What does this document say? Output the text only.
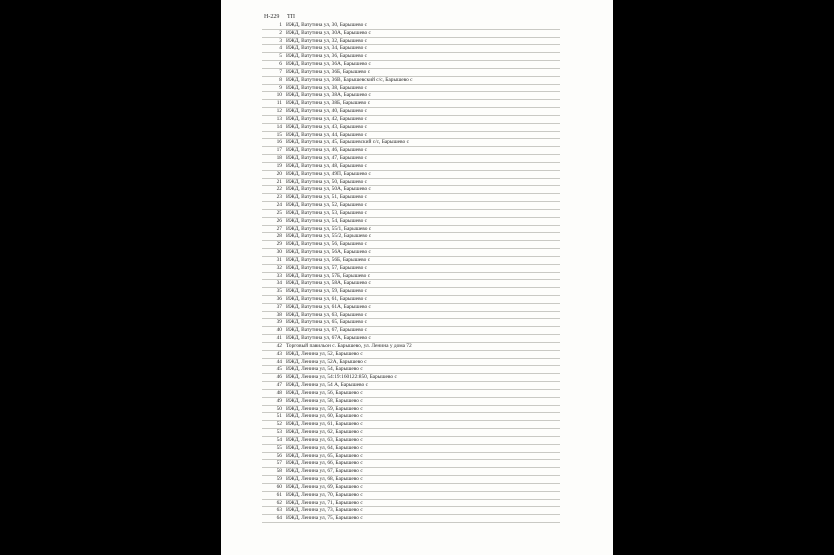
Н-229 ТП
1 ИЖД, Ватутина ул, 30, Барышево с
2 ИЖД, Ватутина ул, 30А, Барышево с
3 ИЖД, Ватутина ул, 32, Барышево с
4 ИЖД, Ватутина ул, 34, Барышево с
5 ИЖД, Ватутина ул, 36, Барышево с
6 ИЖД, Ватутина ул, 36А, Барышево с
7 ИЖД, Ватутина ул, 36Б, Барышево с
8 ИЖД, Ватутина ул, 36В, Барышевский с/с, Барышево с
9 ИЖД, Ватутина ул, 38, Барышево с
10 ИЖД, Ватутина ул, 38А, Барышево с
11 ИЖД, Ватутина ул, 38Б, Барышево с
12 ИЖД, Ватутина ул, 40, Барышево с
13 ИЖД, Ватутина ул, 42, Барышево с
14 ИЖД, Ватутина ул, 43, Барышево с
15 ИЖД, Ватутина ул, 44, Барышево с
16 ИЖД, Ватутина ул, 45, Барышевский с/с, Барышево с
17 ИЖД, Ватутина ул, 46, Барышево с
18 ИЖД, Ватутина ул, 47, Барышево с
19 ИЖД, Ватутина ул, 48, Барышево с
20 ИЖД, Ватутина ул, 49П, Барышево с
21 ИЖД, Ватутина ул, 50, Барышево с
22 ИЖД, Ватутина ул, 50А, Барышево с
23 ИЖД, Ватутина ул, 51, Барышево с
24 ИЖД, Ватутина ул, 52, Барышево с
25 ИЖД, Ватутина ул, 53, Барышево с
26 ИЖД, Ватутина ул, 54, Барышево с
27 ИЖД, Ватутина ул, 55/1, Барышево с
28 ИЖД, Ватутина ул, 55/2, Барышево с
29 ИЖД, Ватутина ул, 56, Барышево с
30 ИЖД, Ватутина ул, 56А, Барышево с
31 ИЖД, Ватутина ул, 56Б, Барышево с
32 ИЖД, Ватутина ул, 57, Барышево с
33 ИЖД, Ватутина ул, 57Б, Барышево с
34 ИЖД, Ватутина ул, 58А, Барышево с
35 ИЖД, Ватутина ул, 59, Барышево с
36 ИЖД, Ватутина ул, 61, Барышево с
37 ИЖД, Ватутина ул, 61А, Барышево с
38 ИЖД, Ватутина ул, 63, Барышево с
39 ИЖД, Ватутина ул, 65, Барышево с
40 ИЖД, Ватутина ул, 67, Барышево с
41 ИЖД, Ватутина ул, 67А, Барышево с
42 Торговый павильон с. Барышево, ул. Ленина у дома 72
43 ИЖД, Ленина ул, 52, Барышево с
44 ИЖД, Ленина ул, 52А, Барышево с
45 ИЖД, Ленина ул, 54, Барышево с
46 ИЖД, Ленина ул, 54:19:160122:850, Барышево с
47 ИЖД, Ленина ул, 54 А, Барышево с
48 ИЖД, Ленина ул, 56, Барышево с
49 ИЖД, Ленина ул, 58, Барышево с
50 ИЖД, Ленина ул, 59, Барышево с
51 ИЖД, Ленина ул, 60, Барышево с
52 ИЖД, Ленина ул, 61, Барышево с
53 ИЖД, Ленина ул, 62, Барышево с
54 ИЖД, Ленина ул, 63, Барышево с
55 ИЖД, Ленина ул, 64, Барышево с
56 ИЖД, Ленина ул, 65, Барышево с
57 ИЖД, Ленина ул, 66, Барышево с
58 ИЖД, Ленина ул, 67, Барышево с
59 ИЖД, Ленина ул, 68, Барышево с
60 ИЖД, Ленина ул, 69, Барышево с
61 ИЖД, Ленина ул, 70, Барышево с
62 ИЖД, Ленина ул, 71, Барышево с
63 ИЖД, Ленина ул, 73, Барышево с
64 ИЖД, Ленина ул, 75, Барышево с
